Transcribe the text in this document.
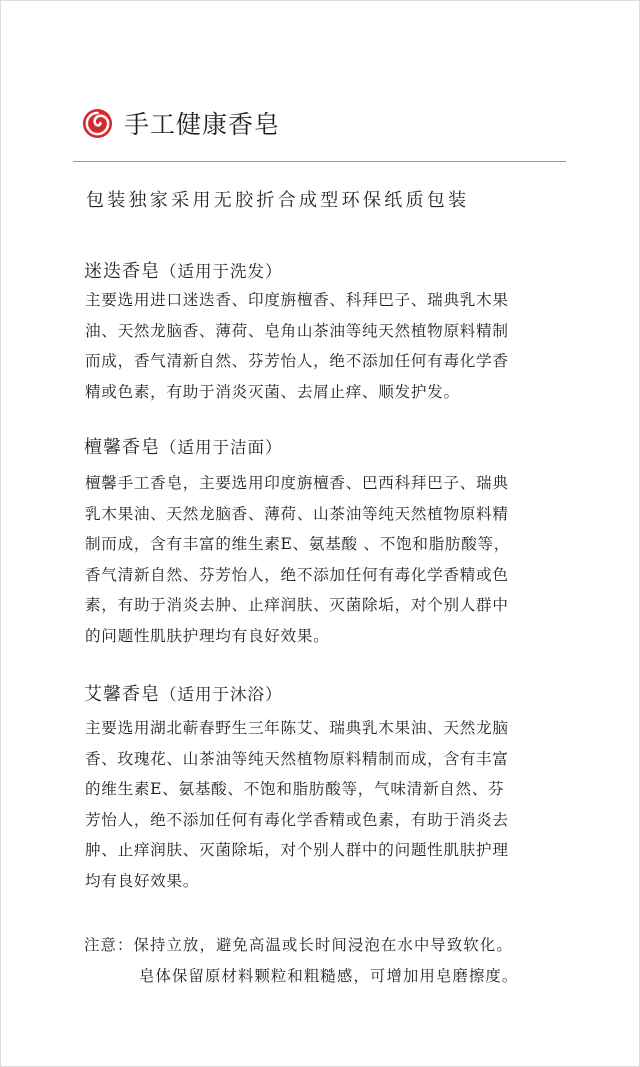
手工健康香皂
包装独家采用无胶折合成型环保纸质包装
迷迭香皂（适用于洗发）

主要选用进口迷迭香、印度旃檀香、科拜巴子、瑞典乳木果

油、天然龙脑香、薄荷、皂角山茶油等纯天然植物原料精制

而成，香气清新自然、芬芳怡人，绝不添加任何有毒化学香

精或色素，有助于消炎灭菌、去屑止痒、顺发护发。

檀馨香皂（适用于洁面）

檀馨手工香皂，主要选用印度旃檀香、巴西科拜巴子、瑞典

乳木果油、天然龙脑香、薄荷、山茶油等纯天然植物原料精

制而成，含有丰富的维生素E、氨基酸 、不饱和脂肪酸等，

香气清新自然、芬芳怡人，绝不添加任何有毒化学香精或色

素，有助于消炎去肿、止痒润肤、灭菌除垢，对个别人群中

的问题性肌肤护理均有良好效果。

艾馨香皂（适用于沐浴）

主要选用湖北蕲春野生三年陈艾、瑞典乳木果油、天然龙脑

香、玫瑰花、山茶油等纯天然植物原料精制而成，含有丰富

的维生素E、氨基酸、不饱和脂肪酸等，气味清新自然、芬

芳怡人，绝不添加任何有毒化学香精或色素，有助于消炎去

肿、止痒润肤、灭菌除垢，对个别人群中的问题性肌肤护理

均有良好效果。

注意：保持立放，避免高温或长时间浸泡在水中导致软化。

皂体保留原材料颗粒和粗糙感，可增加用皂磨擦度。
